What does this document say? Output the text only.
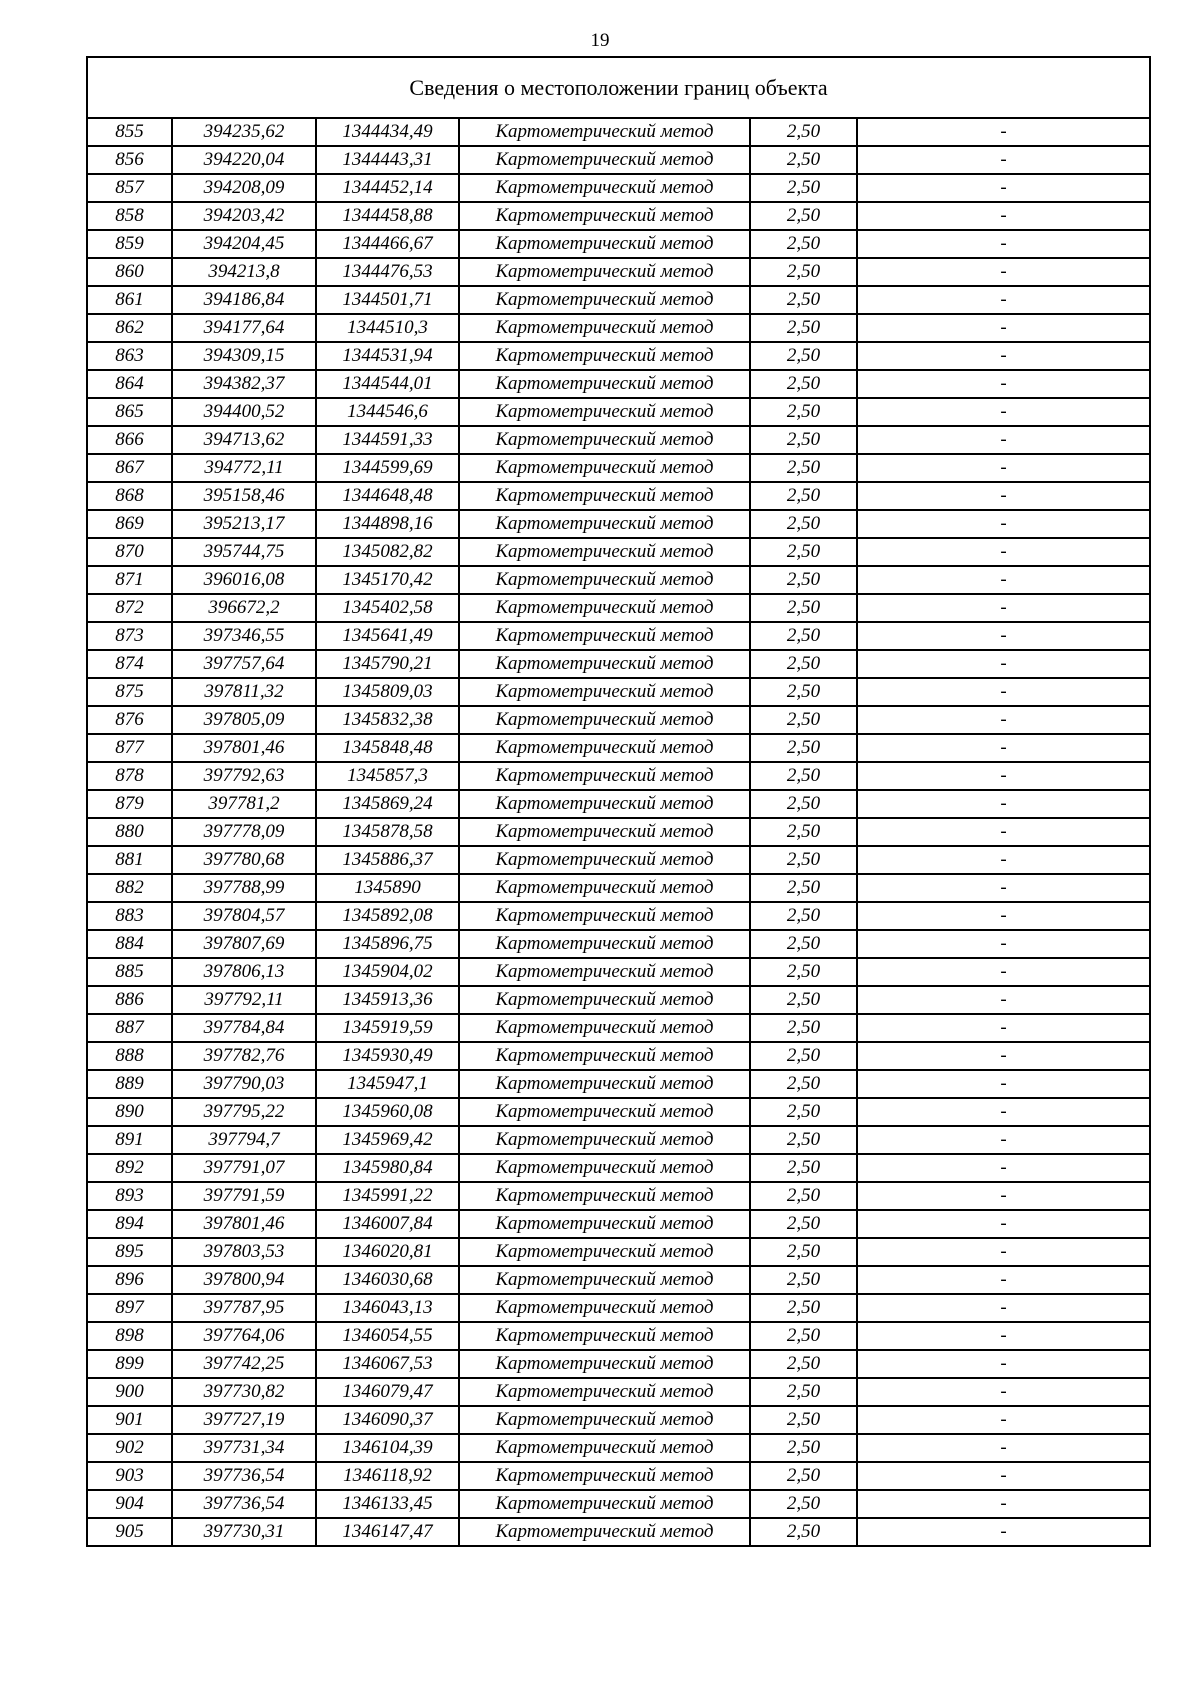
19
Сведения о местоположении границ объекта					
855	394235,62	1344434,49	Картометрический метод	2,50	-
856	394220,04	1344443,31	Картометрический метод	2,50	-
857	394208,09	1344452,14	Картометрический метод	2,50	-
858	394203,42	1344458,88	Картометрический метод	2,50	-
859	394204,45	1344466,67	Картометрический метод	2,50	-
860	394213,8	1344476,53	Картометрический метод	2,50	-
861	394186,84	1344501,71	Картометрический метод	2,50	-
862	394177,64	1344510,3	Картометрический метод	2,50	-
863	394309,15	1344531,94	Картометрический метод	2,50	-
864	394382,37	1344544,01	Картометрический метод	2,50	-
865	394400,52	1344546,6	Картометрический метод	2,50	-
866	394713,62	1344591,33	Картометрический метод	2,50	-
867	394772,11	1344599,69	Картометрический метод	2,50	-
868	395158,46	1344648,48	Картометрический метод	2,50	-
869	395213,17	1344898,16	Картометрический метод	2,50	-
870	395744,75	1345082,82	Картометрический метод	2,50	-
871	396016,08	1345170,42	Картометрический метод	2,50	-
872	396672,2	1345402,58	Картометрический метод	2,50	-
873	397346,55	1345641,49	Картометрический метод	2,50	-
874	397757,64	1345790,21	Картометрический метод	2,50	-
875	397811,32	1345809,03	Картометрический метод	2,50	-
876	397805,09	1345832,38	Картометрический метод	2,50	-
877	397801,46	1345848,48	Картометрический метод	2,50	-
878	397792,63	1345857,3	Картометрический метод	2,50	-
879	397781,2	1345869,24	Картометрический метод	2,50	-
880	397778,09	1345878,58	Картометрический метод	2,50	-
881	397780,68	1345886,37	Картометрический метод	2,50	-
882	397788,99	1345890	Картометрический метод	2,50	-
883	397804,57	1345892,08	Картометрический метод	2,50	-
884	397807,69	1345896,75	Картометрический метод	2,50	-
885	397806,13	1345904,02	Картометрический метод	2,50	-
886	397792,11	1345913,36	Картометрический метод	2,50	-
887	397784,84	1345919,59	Картометрический метод	2,50	-
888	397782,76	1345930,49	Картометрический метод	2,50	-
889	397790,03	1345947,1	Картометрический метод	2,50	-
890	397795,22	1345960,08	Картометрический метод	2,50	-
891	397794,7	1345969,42	Картометрический метод	2,50	-
892	397791,07	1345980,84	Картометрический метод	2,50	-
893	397791,59	1345991,22	Картометрический метод	2,50	-
894	397801,46	1346007,84	Картометрический метод	2,50	-
895	397803,53	1346020,81	Картометрический метод	2,50	-
896	397800,94	1346030,68	Картометрический метод	2,50	-
897	397787,95	1346043,13	Картометрический метод	2,50	-
898	397764,06	1346054,55	Картометрический метод	2,50	-
899	397742,25	1346067,53	Картометрический метод	2,50	-
900	397730,82	1346079,47	Картометрический метод	2,50	-
901	397727,19	1346090,37	Картометрический метод	2,50	-
902	397731,34	1346104,39	Картометрический метод	2,50	-
903	397736,54	1346118,92	Картометрический метод	2,50	-
904	397736,54	1346133,45	Картометрический метод	2,50	-
905	397730,31	1346147,47	Картометрический метод	2,50	-
